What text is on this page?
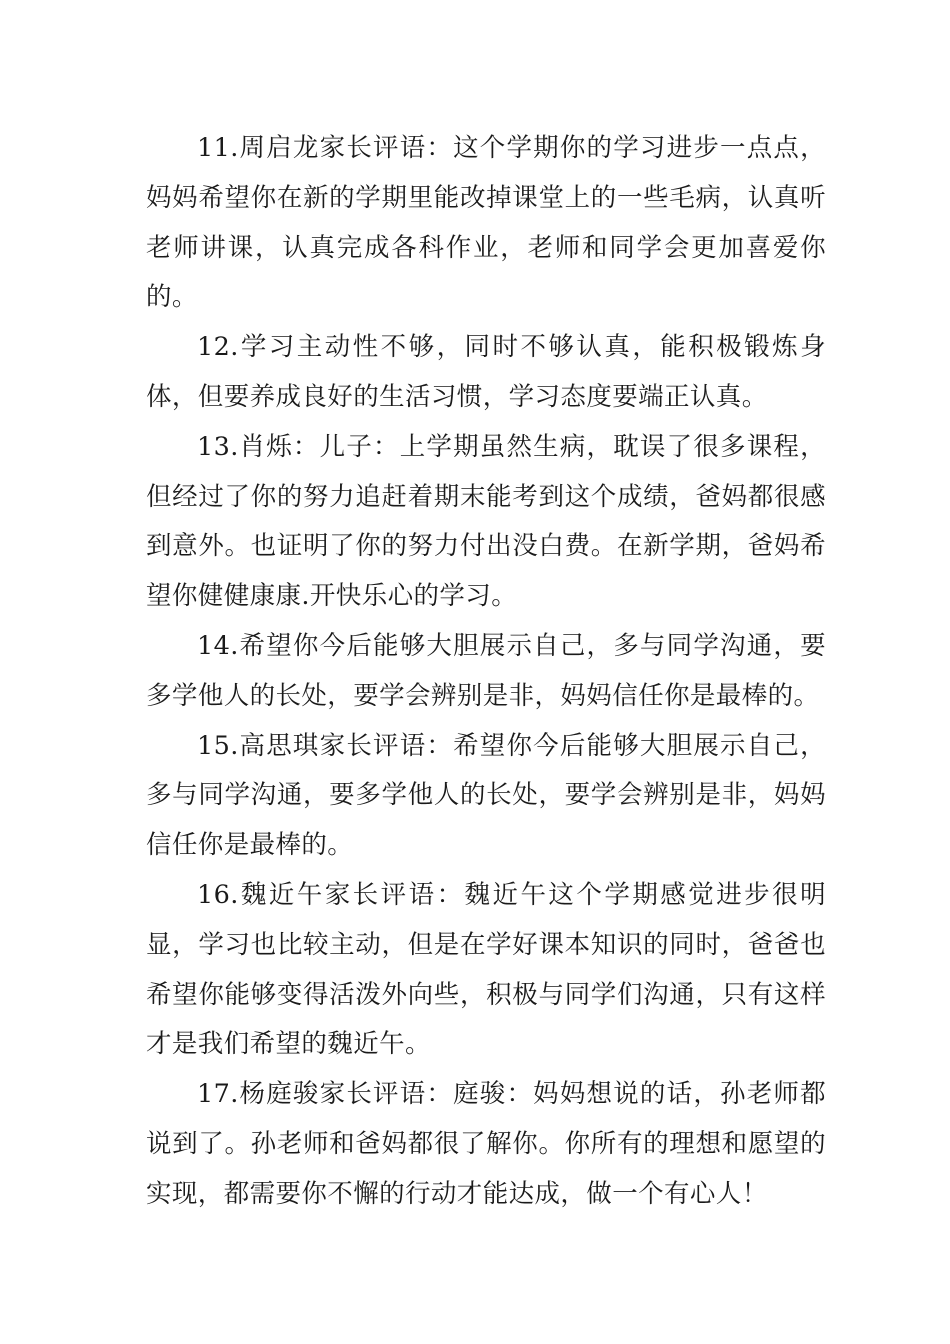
11.周启龙家长评语：这个学期你的学习进步一点点，妈妈希望你在新的学期里能改掉课堂上的一些毛病，认真听老师讲课，认真完成各科作业，老师和同学会更加喜爱你的。

12.学习主动性不够，同时不够认真，能积极锻炼身体，但要养成良好的生活习惯，学习态度要端正认真。

13.肖烁：儿子：上学期虽然生病，耽误了很多课程，但经过了你的努力追赶着期末能考到这个成绩，爸妈都很感到意外。也证明了你的努力付出没白费。在新学期，爸妈希望你健健康康.开快乐心的学习。

14.希望你今后能够大胆展示自己，多与同学沟通，要多学他人的长处，要学会辨别是非，妈妈信任你是最棒的。

15.高思琪家长评语：希望你今后能够大胆展示自己，多与同学沟通，要多学他人的长处，要学会辨别是非，妈妈信任你是最棒的。

16.魏近午家长评语：魏近午这个学期感觉进步很明显，学习也比较主动，但是在学好课本知识的同时，爸爸也希望你能够变得活泼外向些，积极与同学们沟通，只有这样才是我们希望的魏近午。

17.杨庭骏家长评语：庭骏：妈妈想说的话，孙老师都说到了。孙老师和爸妈都很了解你。你所有的理想和愿望的实现，都需要你不懈的行动才能达成，做一个有心人！
